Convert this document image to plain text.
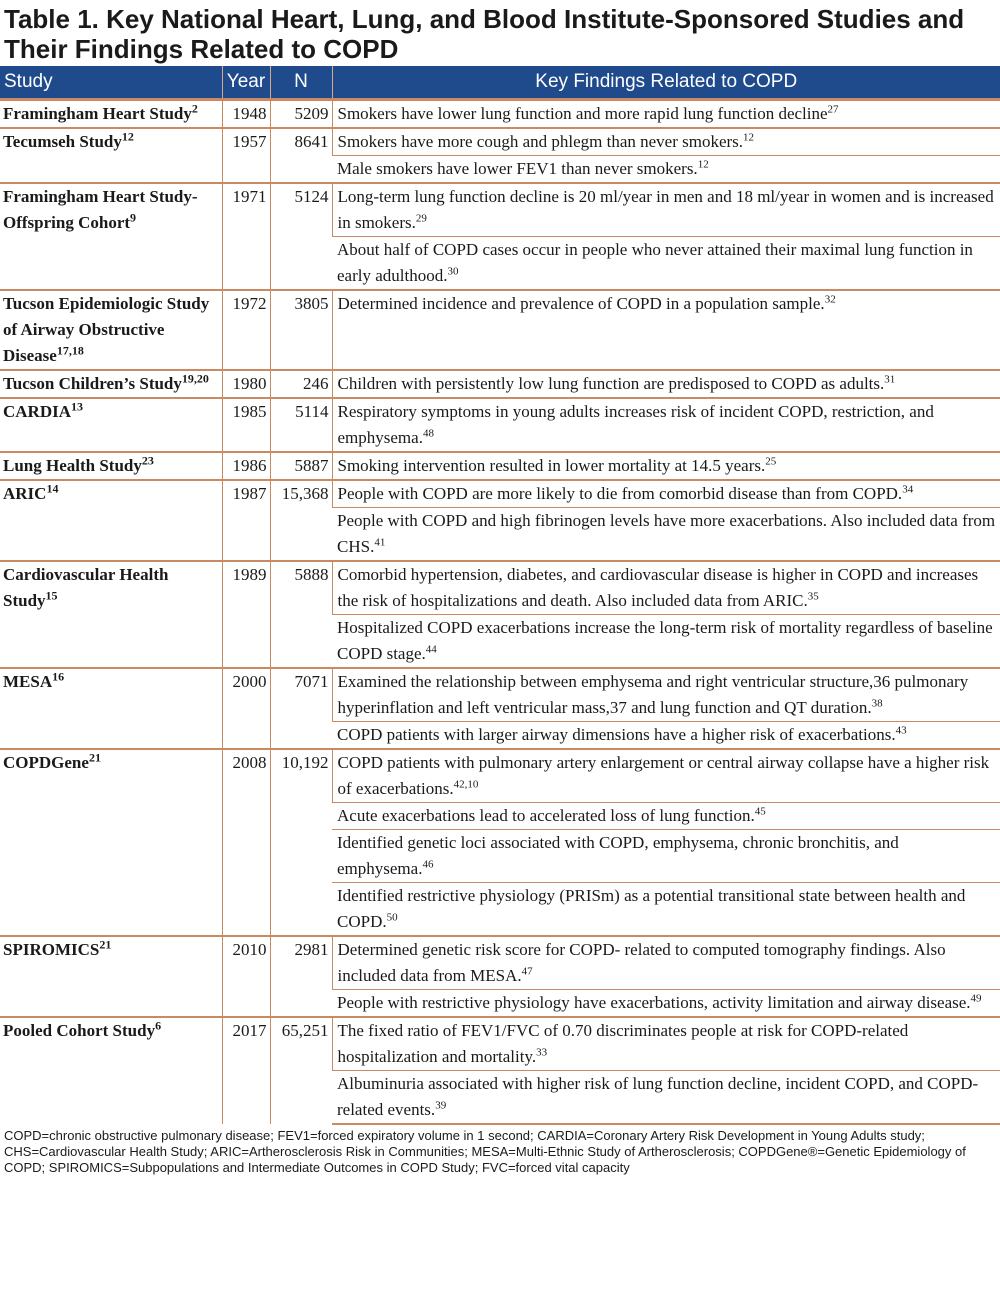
Table 1. Key National Heart, Lung, and Blood Institute-Sponsored Studies and Their Findings Related to COPD
Study	Year	N	Key Findings Related to COPD
Framingham Heart Study$^2$	1948	5209	Smokers have lower lung function and more rapid lung function decline$^{27}$
Tecumseh Study$^{12}$	1957	8641	Smokers have more cough and phlegm than never smokers.$^{12}$
			Male smokers have lower FEV1 than never smokers.$^{12}$
Framingham Heart Study-Offspring Cohort$^9$	1971	5124	Long-term lung function decline is 20 ml/year in men and 18 ml/year in women and is increased in smokers.$^{29}$
			About half of COPD cases occur in people who never attained their maximal lung function in early adulthood.$^{30}$
Tucson Epidemiologic Study of Airway Obstructive Disease$^{17,18}$	1972	3805	Determined incidence and prevalence of COPD in a population sample.$^{32}$
Tucson Children’s Study$^{19,20}$	1980	246	Children with persistently low lung function are predisposed to COPD as adults.$^{31}$
CARDIA$^{13}$	1985	5114	Respiratory symptoms in young adults increases risk of incident COPD, restriction, and emphysema.$^{48}$
Lung Health Study$^{23}$	1986	5887	Smoking intervention resulted in lower mortality at 14.5 years.$^{25}$
ARIC$^{14}$	1987	15,368	People with COPD are more likely to die from comorbid disease than from COPD.$^{34}$
			People with COPD and high fibrinogen levels have more exacerbations. Also included data from CHS.$^{41}$
Cardiovascular Health Study$^{15}$	1989	5888	Comorbid hypertension, diabetes, and cardiovascular disease is higher in COPD and increases the risk of hospitalizations and death. Also included data from ARIC.$^{35}$
			Hospitalized COPD exacerbations increase the long-term risk of mortality regardless of baseline COPD stage.$^{44}$
MESA$^{16}$	2000	7071	Examined the relationship between emphysema and right ventricular structure,36 pulmonary hyperinflation and left ventricular mass,37 and lung function and QT duration.$^{38}$
			COPD patients with larger airway dimensions have a higher risk of exacerbations.$^{43}$
COPDGene$^{21}$	2008	10,192	COPD patients with pulmonary artery enlargement or central airway collapse have a higher risk of exacerbations.$^{42,10}$
			Acute exacerbations lead to accelerated loss of lung function.$^{45}$
			Identified genetic loci associated with COPD, emphysema, chronic bronchitis, and emphysema.$^{46}$
			Identified restrictive physiology (PRISm) as a potential transitional state between health and COPD.$^{50}$
SPIROMICS$^{21}$	2010	2981	Determined genetic risk score for COPD- related to computed tomography findings. Also included data from MESA.$^{47}$
			People with restrictive physiology have exacerbations, activity limitation and airway disease.$^{49}$
Pooled Cohort Study$^6$	2017	65,251	The fixed ratio of FEV1/FVC of 0.70 discriminates people at risk for COPD-related hospitalization and mortality.$^{33}$
			Albuminuria associated with higher risk of lung function decline, incident COPD, and COPD-related events.$^{39}$
COPD=chronic obstructive pulmonary disease; FEV1=forced expiratory volume in 1 second; CARDIA=Coronary Artery Risk Development in Young Adults study; CHS=Cardiovascular Health Study; ARIC=Artherosclerosis Risk in Communities; MESA=Multi-Ethnic Study of Artherosclerosis; COPDGene®=Genetic Epidemiology of COPD; SPIROMICS=Subpopulations and Intermediate Outcomes in COPD Study; FVC=forced vital capacity
